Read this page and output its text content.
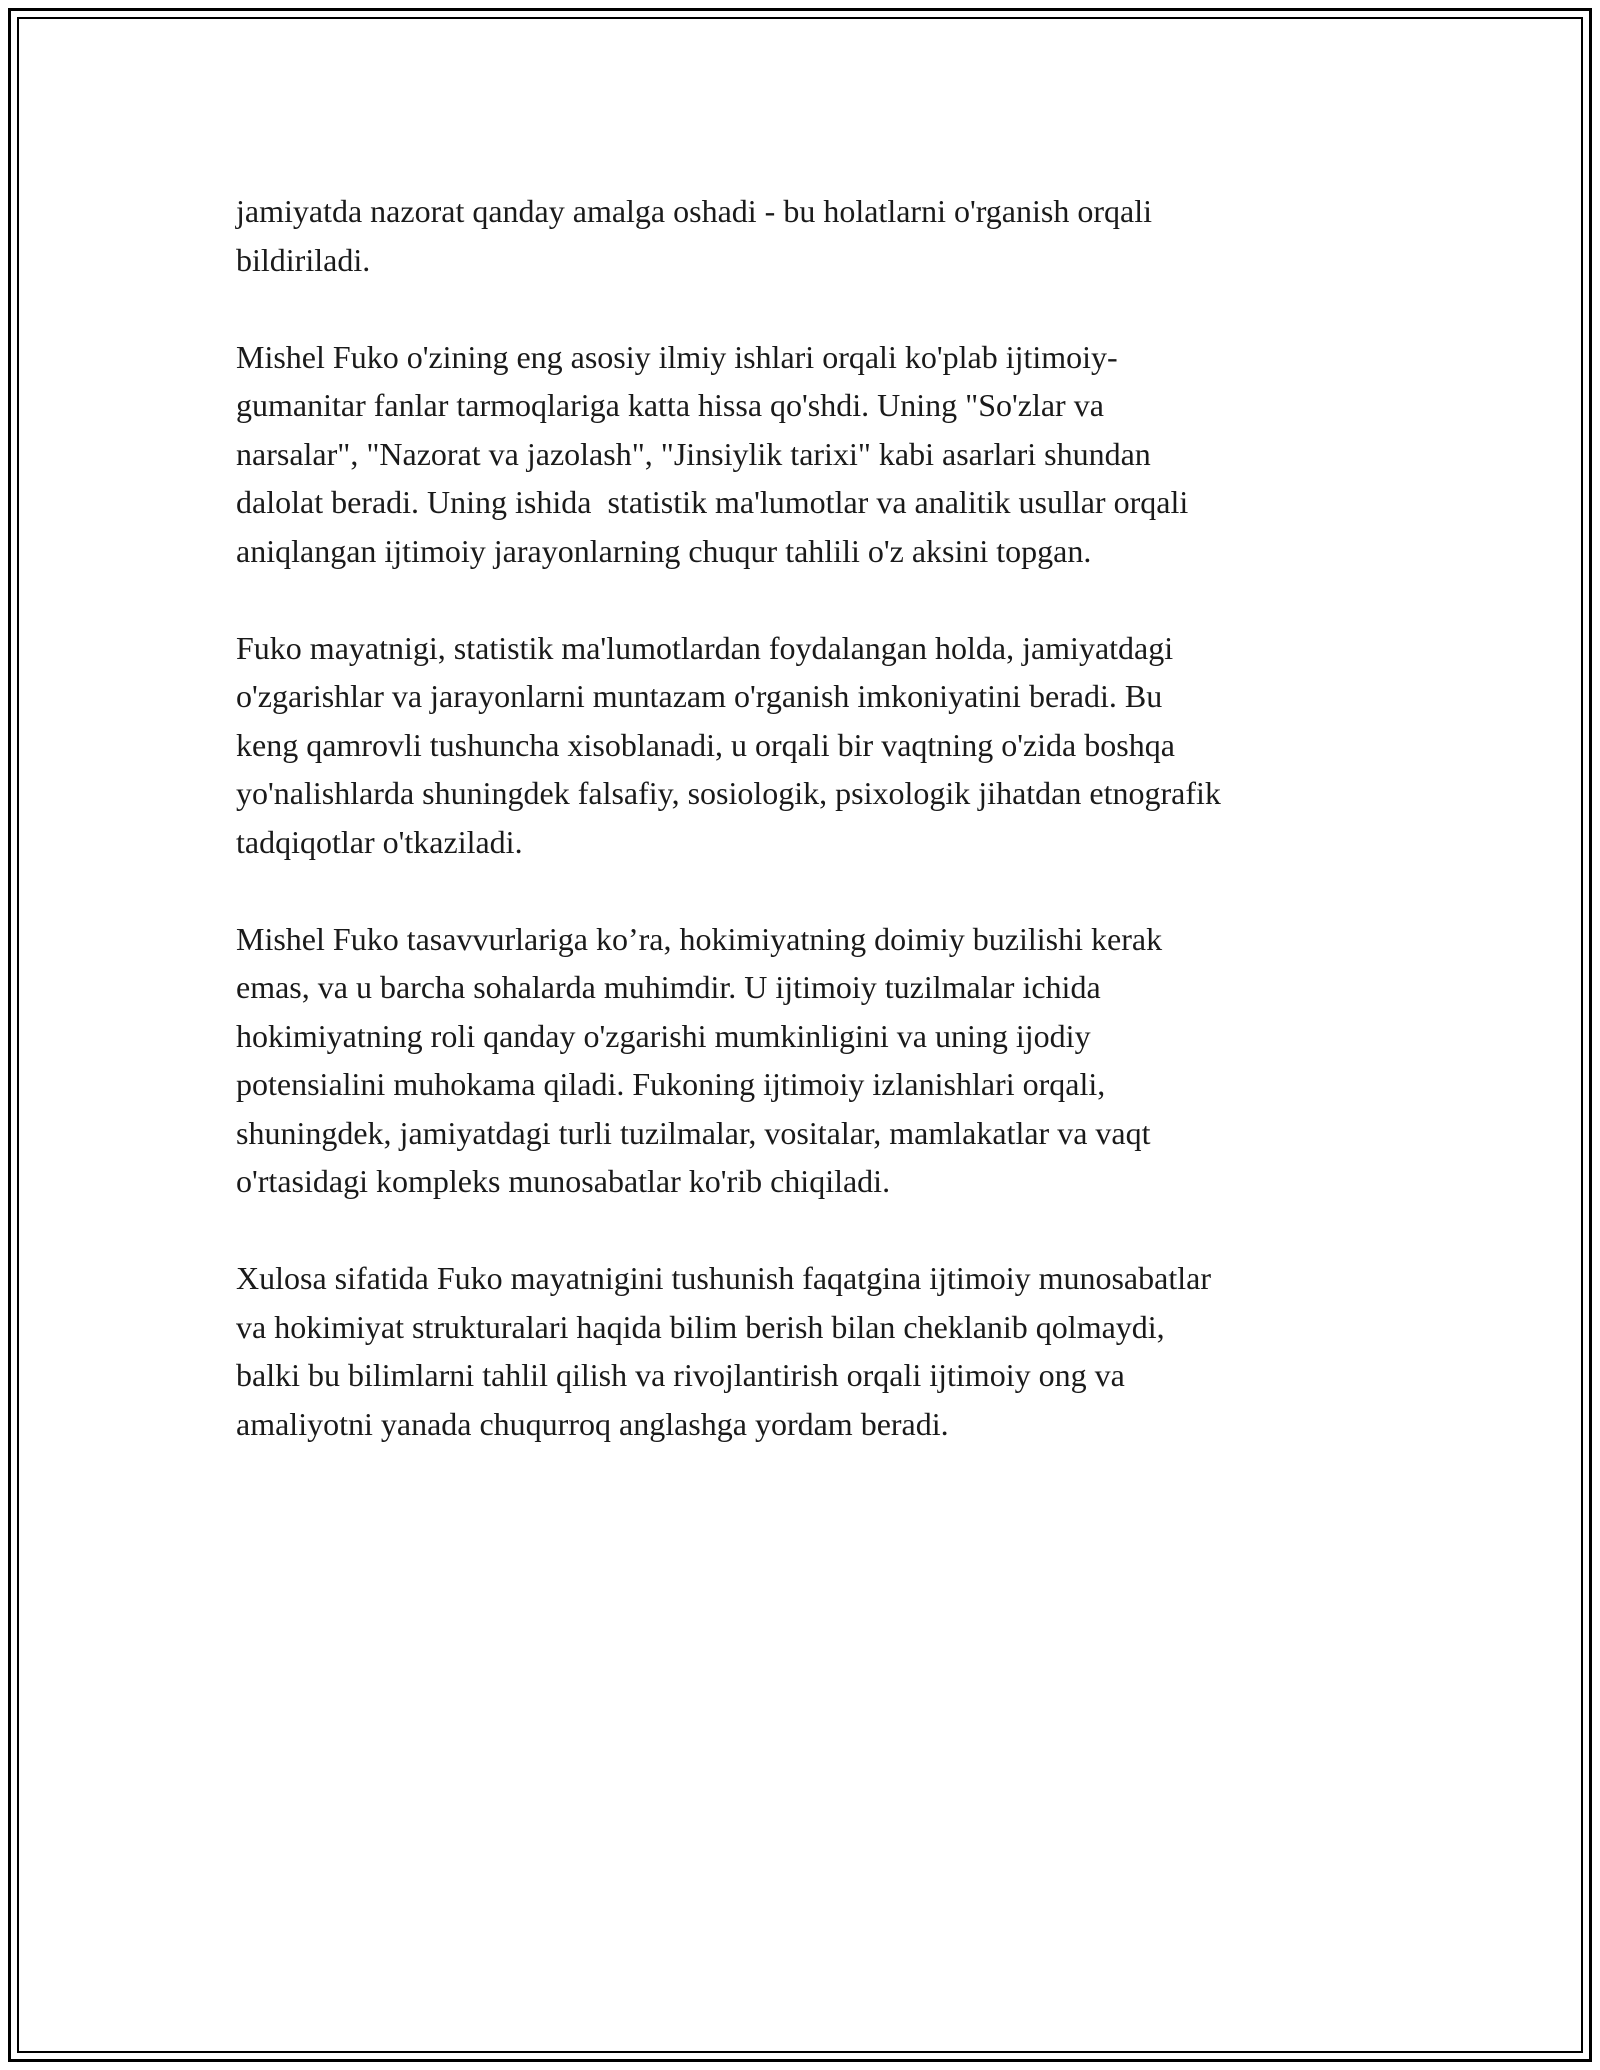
jamiyatda nazorat qanday amalga oshadi - bu holatlarni o'rganish orqali
bildiriladi.

Mishel Fuko o'zining eng asosiy ilmiy ishlari orqali ko'plab ijtimoiy-
gumanitar fanlar tarmoqlariga katta hissa qo'shdi. Uning "So'zlar va
narsalar", "Nazorat va jazolash", "Jinsiylik tarixi" kabi asarlari shundan
dalolat beradi. Uning ishida  statistik ma'lumotlar va analitik usullar orqali
aniqlangan ijtimoiy jarayonlarning chuqur tahlili o'z aksini topgan.

Fuko mayatnigi, statistik ma'lumotlardan foydalangan holda, jamiyatdagi
o'zgarishlar va jarayonlarni muntazam o'rganish imkoniyatini beradi. Bu
keng qamrovli tushuncha xisoblanadi, u orqali bir vaqtning o'zida boshqa
yo'nalishlarda shuningdek falsafiy, sosiologik, psixologik jihatdan etnografik
tadqiqotlar o'tkaziladi.

Mishel Fuko tasavvurlariga ko’ra, hokimiyatning doimiy buzilishi kerak
emas, va u barcha sohalarda muhimdir. U ijtimoiy tuzilmalar ichida
hokimiyatning roli qanday o'zgarishi mumkinligini va uning ijodiy
potensialini muhokama qiladi. Fukoning ijtimoiy izlanishlari orqali,
shuningdek, jamiyatdagi turli tuzilmalar, vositalar, mamlakatlar va vaqt
o'rtasidagi kompleks munosabatlar ko'rib chiqiladi.

Xulosa sifatida Fuko mayatnigini tushunish faqatgina ijtimoiy munosabatlar
va hokimiyat strukturalari haqida bilim berish bilan cheklanib qolmaydi,
balki bu bilimlarni tahlil qilish va rivojlantirish orqali ijtimoiy ong va
amaliyotni yanada chuqurroq anglashga yordam beradi.
